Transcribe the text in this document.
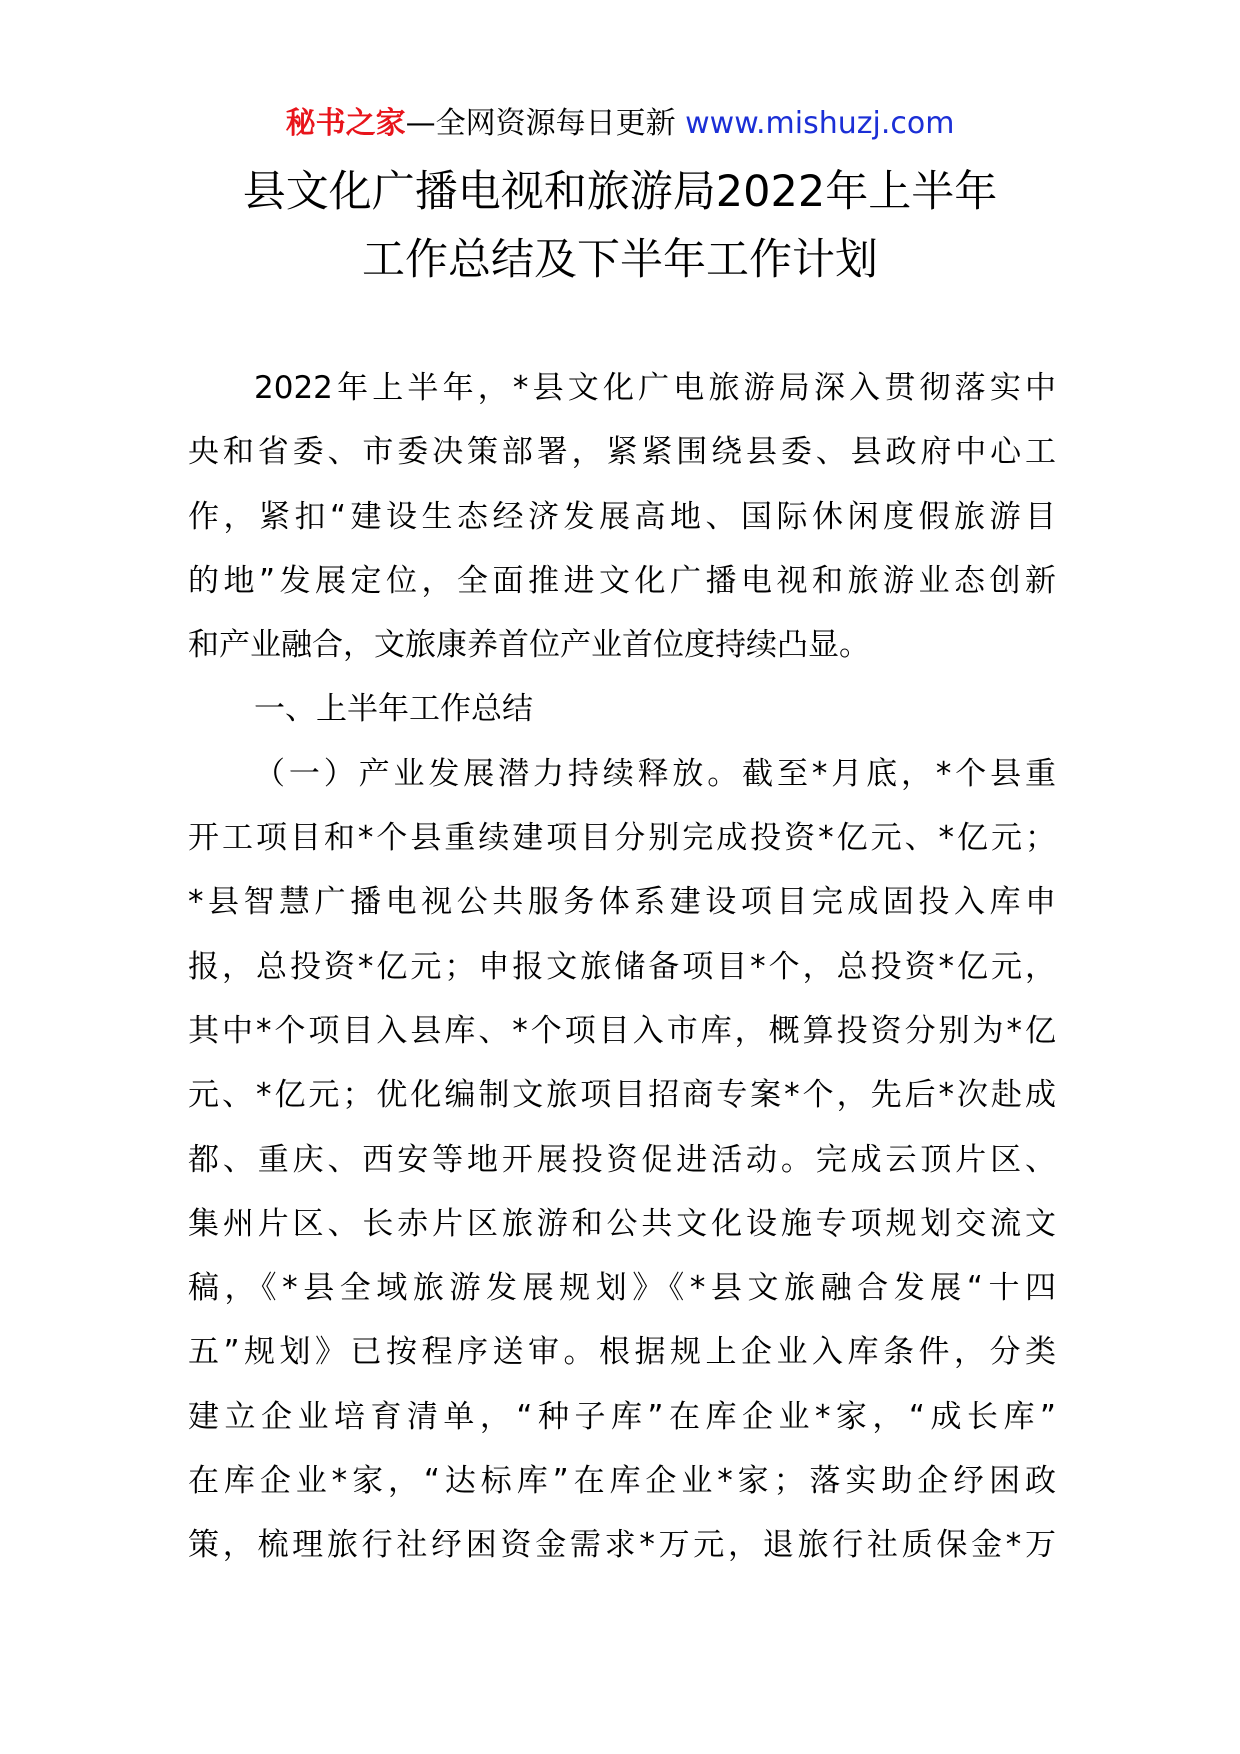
秘书之家—全网资源每日更新 www.mishuzj.com
县文化广播电视和旅游局2022年上半年
工作总结及下半年工作计划
2022年上半年，*县文化广电旅游局深入贯彻落实中
央和省委、市委决策部署，紧紧围绕县委、县政府中心工
作，紧扣“建设生态经济发展高地、国际休闲度假旅游目
的地”发展定位，全面推进文化广播电视和旅游业态创新
和产业融合，文旅康养首位产业首位度持续凸显。
一、上半年工作总结
（一）产业发展潜力持续释放。截至*月底，*个县重
开工项目和*个县重续建项目分别完成投资*亿元、*亿元；
*县智慧广播电视公共服务体系建设项目完成固投入库申
报，总投资*亿元；申报文旅储备项目*个，总投资*亿元，
其中*个项目入县库、*个项目入市库，概算投资分别为*亿
元、*亿元；优化编制文旅项目招商专案*个，先后*次赴成
都、重庆、西安等地开展投资促进活动。完成云顶片区、
集州片区、长赤片区旅游和公共文化设施专项规划交流文
稿，《*县全域旅游发展规划》《*县文旅融合发展“十四
五”规划》已按程序送审。根据规上企业入库条件，分类
建立企业培育清单，“种子库”在库企业*家，“成长库”
在库企业*家，“达标库”在库企业*家；落实助企纾困政
策，梳理旅行社纾困资金需求*万元，退旅行社质保金*万
